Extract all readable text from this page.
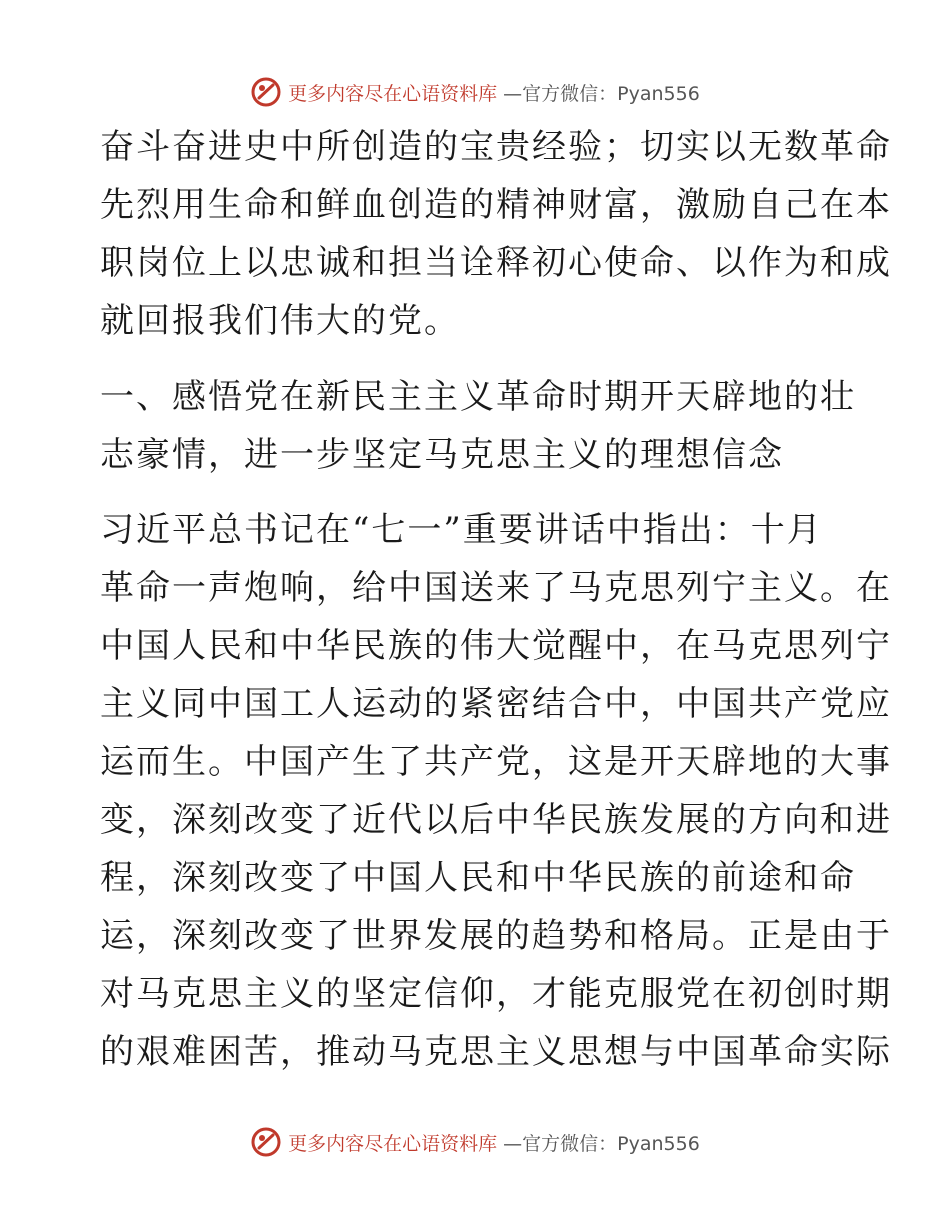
更多内容尽在心语资料库 —官方微信：Pyan556
奋斗奋进史中所创造的宝贵经验；切实以无数革命
先烈用生命和鲜血创造的精神财富，激励自己在本
职岗位上以忠诚和担当诠释初心使命、以作为和成
就回报我们伟大的党。
一、感悟党在新民主主义革命时期开天辟地的壮
志豪情，进一步坚定马克思主义的理想信念
习近平总书记在“七一”重要讲话中指出：十月
革命一声炮响，给中国送来了马克思列宁主义。在
中国人民和中华民族的伟大觉醒中，在马克思列宁
主义同中国工人运动的紧密结合中，中国共产党应
运而生。中国产生了共产党，这是开天辟地的大事
变，深刻改变了近代以后中华民族发展的方向和进
程，深刻改变了中国人民和中华民族的前途和命
运，深刻改变了世界发展的趋势和格局。正是由于
对马克思主义的坚定信仰，才能克服党在初创时期
的艰难困苦，推动马克思主义思想与中国革命实际
更多内容尽在心语资料库 —官方微信：Pyan556
